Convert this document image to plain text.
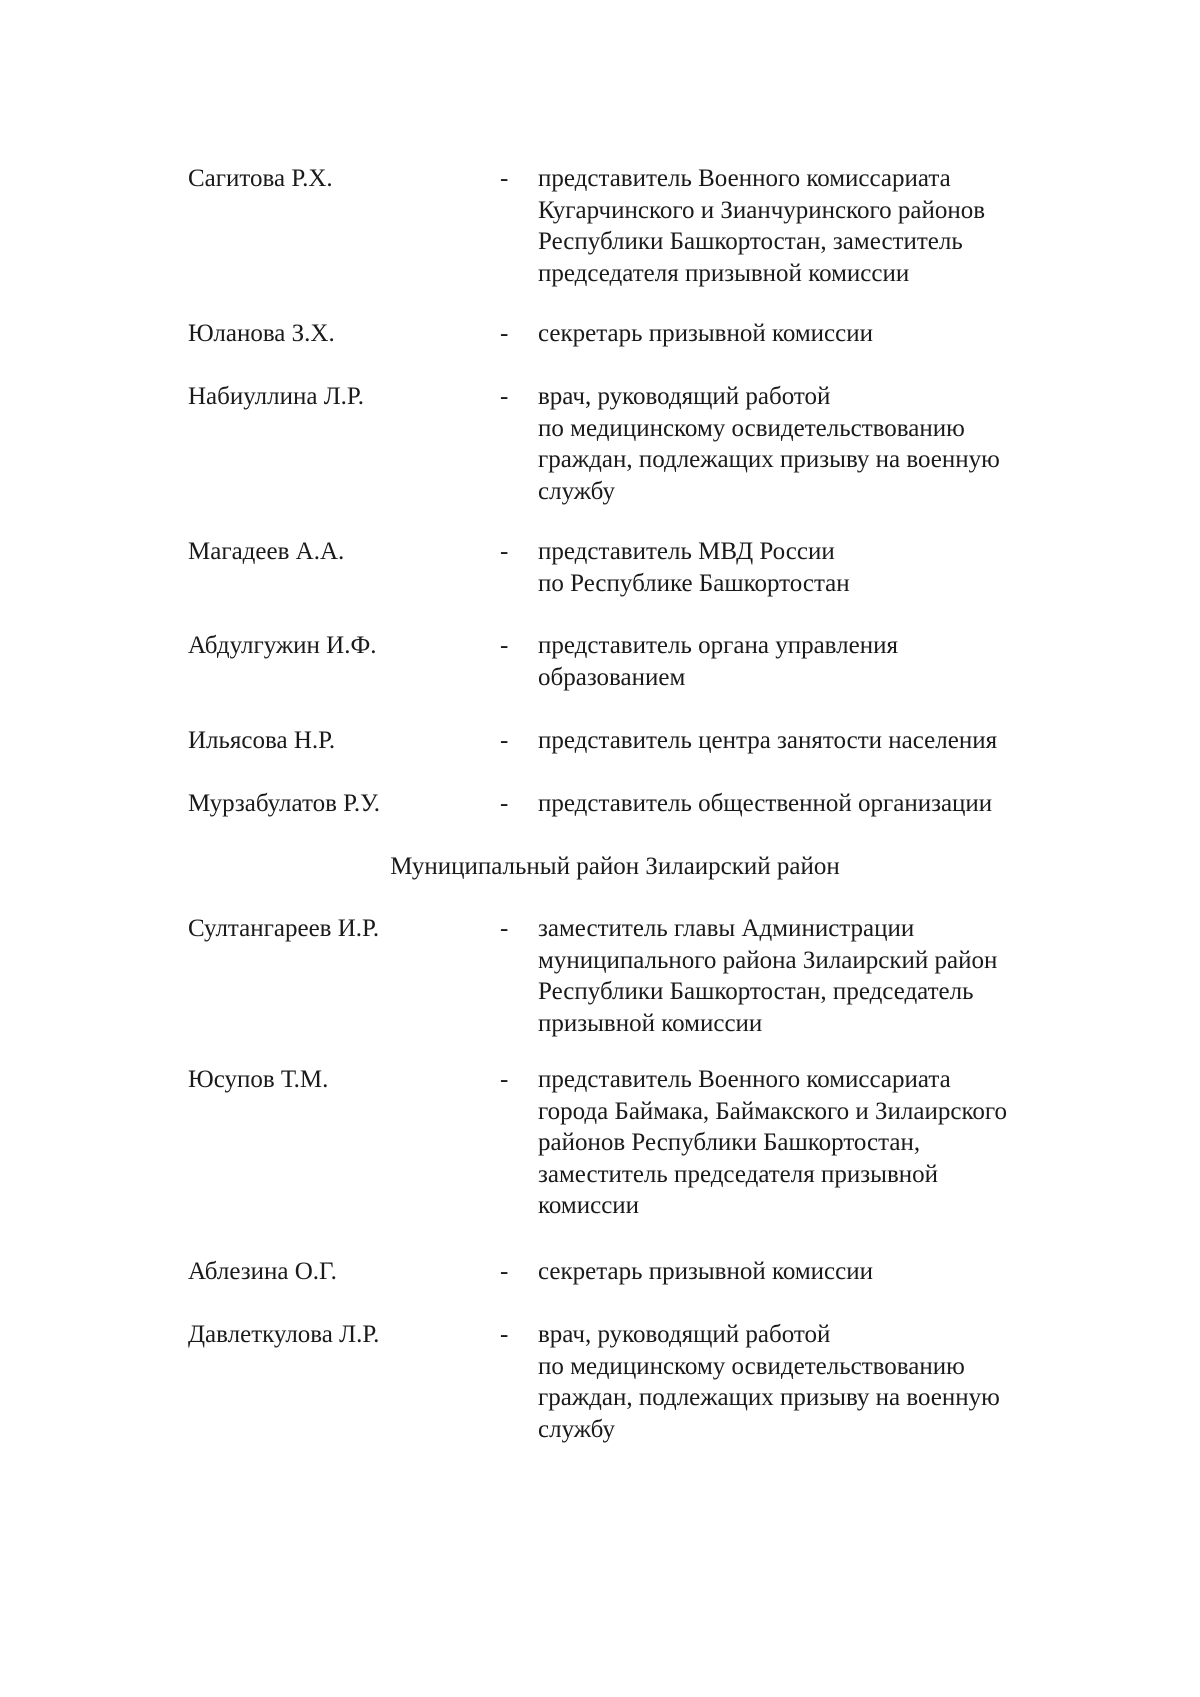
Сагитова Р.Х.	- представитель Военного комиссариата
Кугарчинского и Зианчуринского районов
Республики Башкортостан, заместитель
председателя призывной комиссии
Юланова З.Х.	- секретарь призывной комиссии
Набиуллина Л.Р.	- врач, руководящий работой
по медицинскому освидетельствованию
граждан, подлежащих призыву на военную
службу
Магадеев А.А.	- представитель МВД России
по Республике Башкортостан
Абдулгужин И.Ф.	- представитель органа управления
образованием
Ильясова Н.Р.	- представитель центра занятости населения
Мурзабулатов Р.У.	- представитель общественной организации
Муниципальный район Зилаирский район
Султангареев И.Р.	- заместитель главы Администрации
муниципального района Зилаирский район
Республики Башкортостан, председатель
призывной комиссии
Юсупов Т.М.	- представитель Военного комиссариата
города Баймака, Баймакского и Зилаирского
районов Республики Башкортостан,
заместитель председателя призывной
комиссии
Аблезина О.Г.	- секретарь призывной комиссии
Давлеткулова Л.Р.	- врач, руководящий работой
по медицинскому освидетельствованию
граждан, подлежащих призыву на военную
службу
